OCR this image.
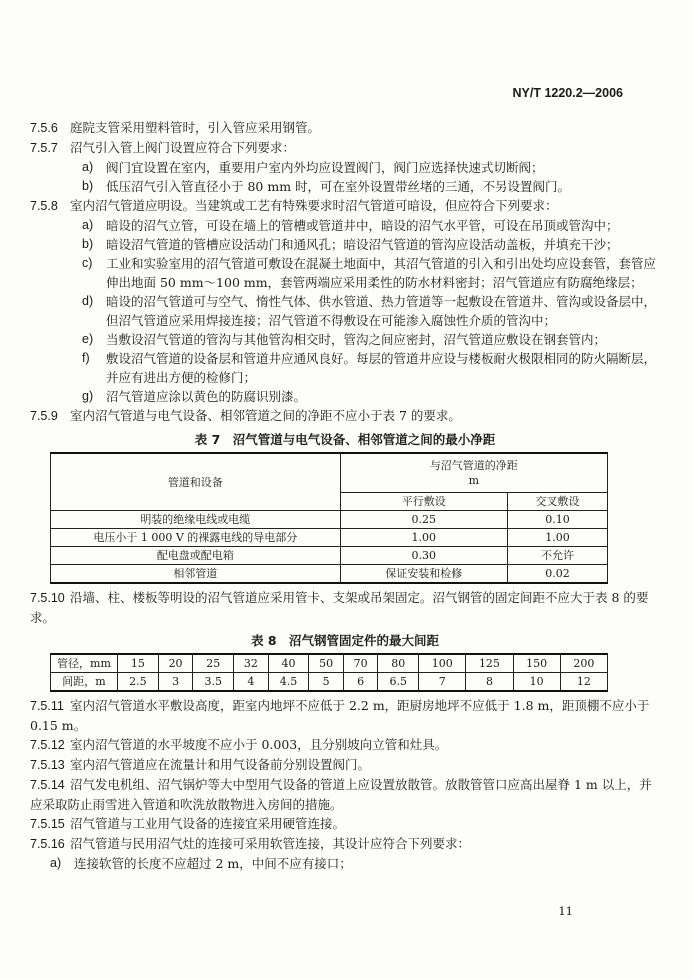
NY/T 1220.2—2006
7.5.6 庭院支管采用塑料管时，引入管应采用钢管。
7.5.7 沼气引入管上阀门设置应符合下列要求：
a)	阀门宜设置在室内，重要用户室内外均应设置阀门，阀门应选择快速式切断阀；
b)	低压沼气引入管直径小于 80 mm 时，可在室外设置带丝堵的三通，不另设置阀门。
7.5.8 室内沼气管道应明设。当建筑或工艺有特殊要求时沼气管道可暗设，但应符合下列要求：
a)	暗设的沼气立管，可设在墙上的管槽或管道井中，暗设的沼气水平管，可设在吊顶或管沟中；
b)	暗设沼气管道的管槽应设活动门和通风孔；暗设沼气管道的管沟应设活动盖板，并填充干沙；
c)	工业和实验室用的沼气管道可敷设在混凝土地面中，其沼气管道的引入和引出处均应设套管，套管应伸出地面 50 mm～100 mm，套管两端应采用柔性的防水材料密封；沼气管道应有防腐绝缘层；
d)	暗设的沼气管道可与空气、惰性气体、供水管道、热力管道等一起敷设在管道井、管沟或设备层中，但沼气管道应采用焊接连接；沼气管道不得敷设在可能渗入腐蚀性介质的管沟中；
e)	当敷设沼气管道的管沟与其他管沟相交时，管沟之间应密封，沼气管道应敷设在钢套管内；
f)	敷设沼气管道的设备层和管道井应通风良好。每层的管道井应设与楼板耐火极限相同的防火隔断层，并应有进出方便的检修门；
g)	沼气管道应涂以黄色的防腐识别漆。
7.5.9 室内沼气管道与电气设备、相邻管道之间的净距不应小于表 7 的要求。
表 7　沼气管道与电气设备、相邻管道之间的最小净距
管道和设备	与沼气管道的净距
m	
	平行敷设	交叉敷设
明装的绝缘电线或电缆	0.25	0.10
电压小于 1 000 V 的裸露电线的导电部分	1.00	1.00
配电盘或配电箱	0.30	不允许
相邻管道	保证安装和检修	0.02
7.5.10 沿墙、柱、楼板等明设的沼气管道应采用管卡、支架或吊架固定。沼气钢管的固定间距不应大于表 8 的要求。
表 8　沼气钢管固定件的最大间距
管径，mm	15	20	25	32	40	50	70	80	100	125	150	200
间距，m	2.5	3	3.5	4	4.5	5	6	6.5	7	8	10	12
7.5.11 室内沼气管道水平敷设高度，距室内地坪不应低于 2.2 m，距厨房地坪不应低于 1.8 m，距顶棚不应小于 0.15 m。
7.5.12 室内沼气管道的水平坡度不应小于 0.003，且分别坡向立管和灶具。
7.5.13 室内沼气管道应在流量计和用气设备前分别设置阀门。
7.5.14 沼气发电机组、沼气锅炉等大中型用气设备的管道上应设置放散管。放散管管口应高出屋脊 1 m 以上，并应采取防止雨雪进入管道和吹洗放散物进入房间的措施。
7.5.15 沼气管道与工业用气设备的连接宜采用硬管连接。
7.5.16 沼气管道与民用沼气灶的连接可采用软管连接，其设计应符合下列要求：
a)	连接软管的长度不应超过 2 m，中间不应有接口；
11
